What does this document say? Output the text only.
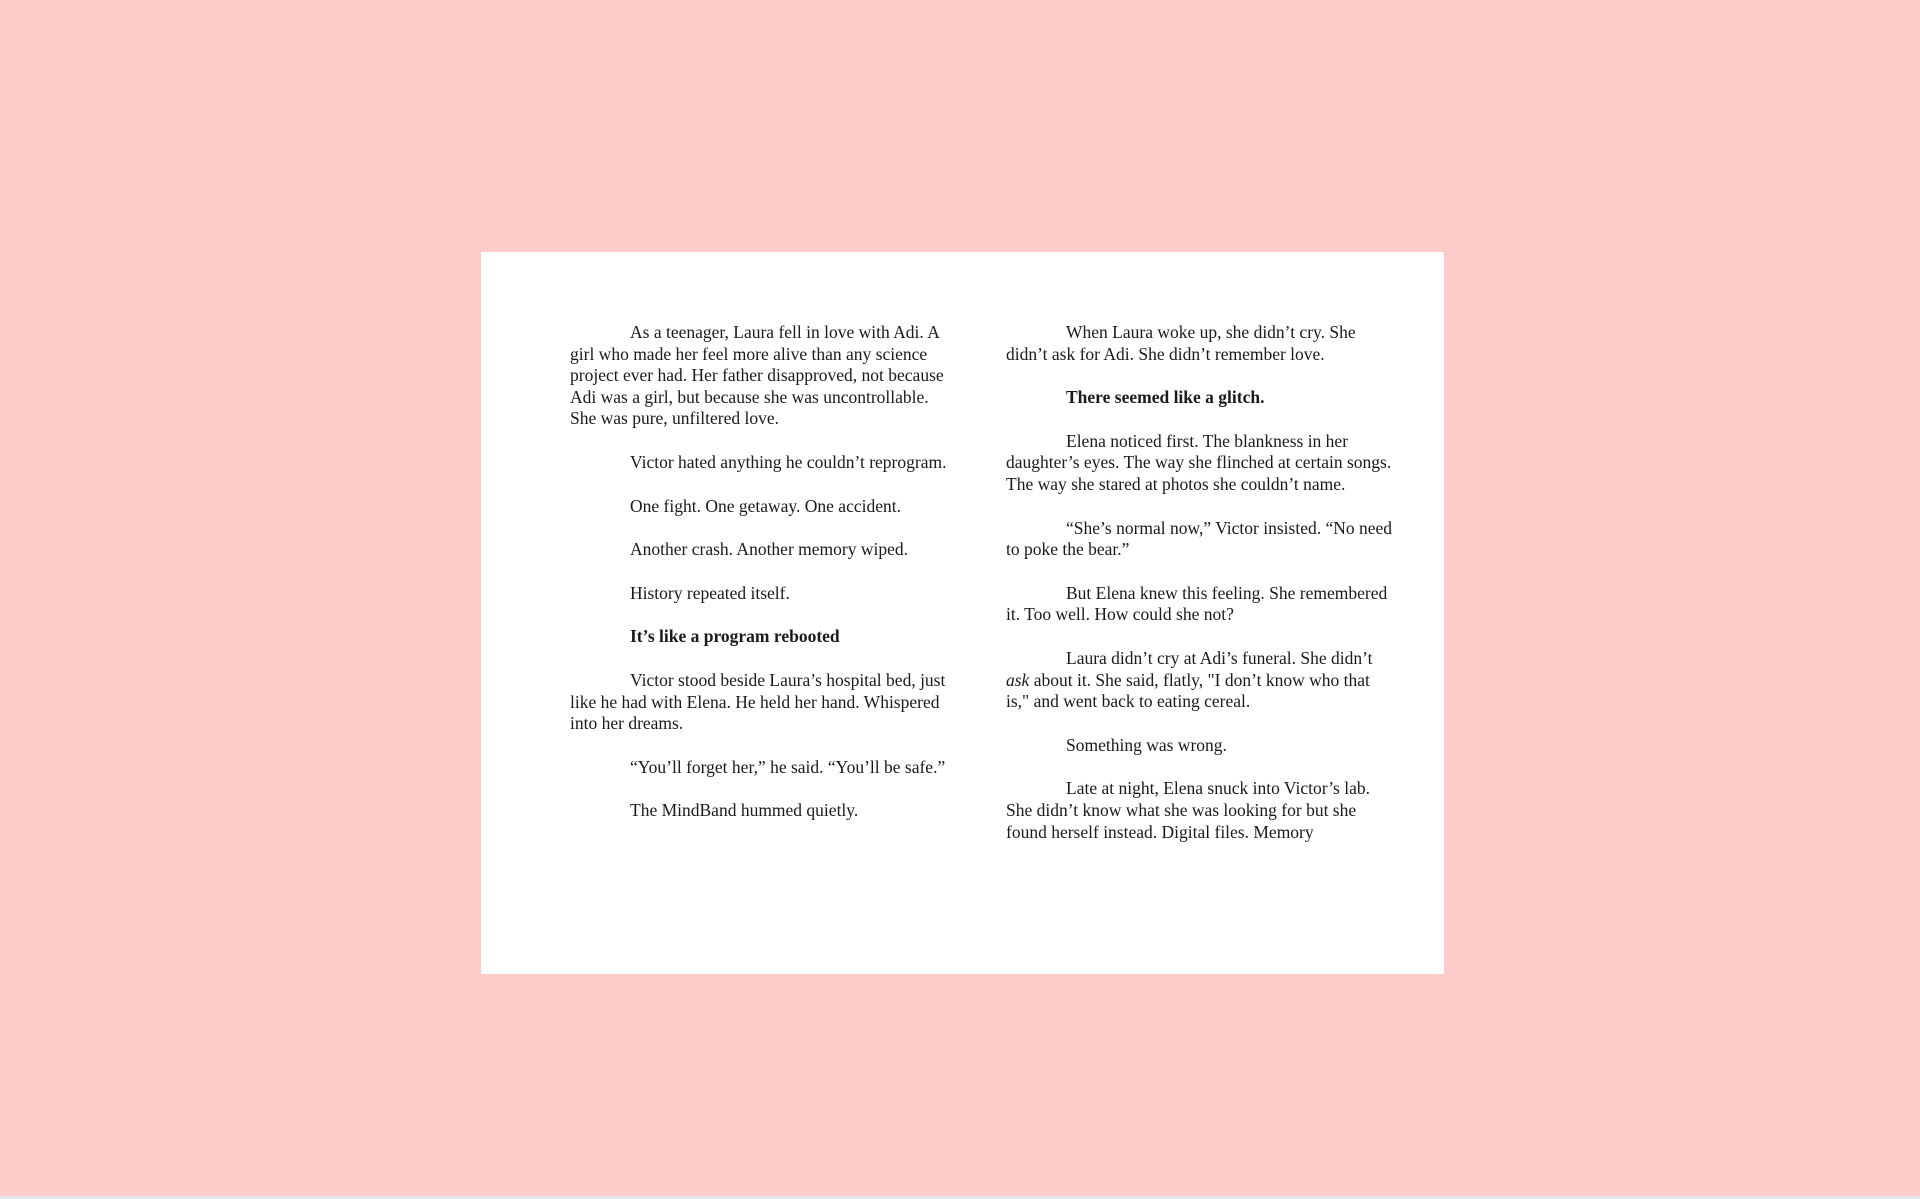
As a teenager, Laura fell in love with Adi. A girl who made her feel more alive than any science project ever had. Her father disapproved, not because Adi was a girl, but because she was uncontrollable. She was pure, unfiltered love.

Victor hated anything he couldn’t reprogram.

One fight. One getaway. One accident.

Another crash. Another memory wiped.

History repeated itself.

It’s like a program rebooted

Victor stood beside Laura’s hospital bed, just like he had with Elena. He held her hand. Whispered into her dreams.

“You’ll forget her,” he said. “You’ll be safe.”

The MindBand hummed quietly.

When Laura woke up, she didn’t cry. She didn’t ask for Adi. She didn’t remember love.

There seemed like a glitch.

Elena noticed first. The blankness in her daughter’s eyes. The way she flinched at certain songs. The way she stared at photos she couldn’t name.

“She’s normal now,” Victor insisted. “No need to poke the bear.”

But Elena knew this feeling. She remembered it. Too well. How could she not?

Laura didn’t cry at Adi’s funeral. She didn’t ask about it. She said, flatly, "I don’t know who that is," and went back to eating cereal.

Something was wrong.

Late at night, Elena snuck into Victor’s lab. She didn’t know what she was looking for but she found herself instead. Digital files. Memory
